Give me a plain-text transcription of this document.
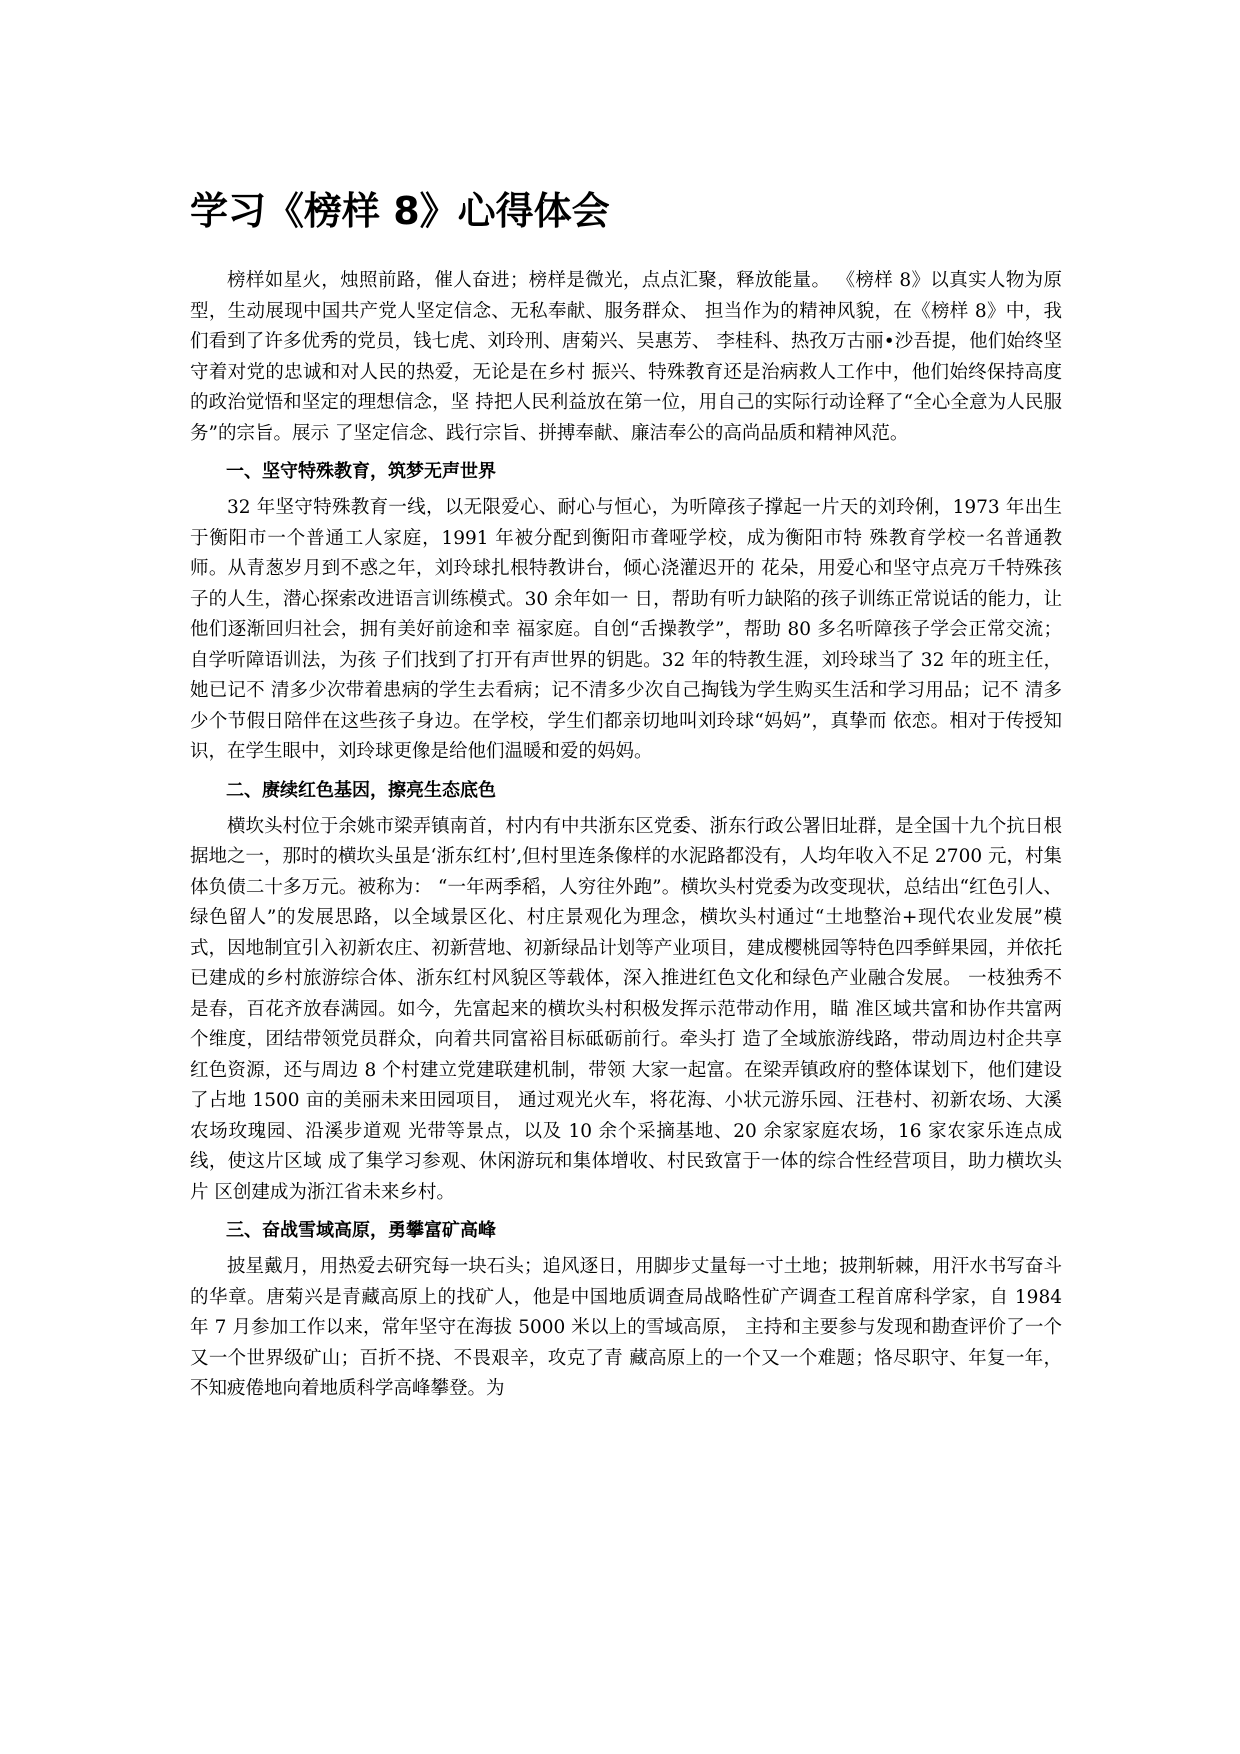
学习《榜样 8》心得体会

榜样如星火，烛照前路，催人奋进；榜样是微光，点点汇聚，释放能量。 《榜样 8》以真实人物为原型，生动展现中国共产党人坚定信念、无私奉献、服务群众、 担当作为的精神风貌，在《榜样 8》中，我们看到了许多优秀的党员，钱七虎、刘玲刑、唐菊兴、吴惠芳、 李桂科、热孜万古丽•沙吾提，他们始终坚守着对党的忠诚和对人民的热爱，无论是在乡村 振兴、特殊教育还是治病救人工作中，他们始终保持高度的政治觉悟和坚定的理想信念，坚 持把人民利益放在第一位，用自己的实际行动诠释了“全心全意为人民服务”的宗旨。展示 了坚定信念、践行宗旨、拼搏奉献、廉洁奉公的高尚品质和精神风范。

一、坚守特殊教育，筑梦无声世界

32 年坚守特殊教育一线，以无限爱心、耐心与恒心，为听障孩子撑起一片天的刘玲俐，1973 年出生于衡阳市一个普通工人家庭，1991 年被分配到衡阳市聋哑学校，成为衡阳市特 殊教育学校一名普通教师。从青葱岁月到不惑之年，刘玲球扎根特教讲台，倾心浇灌迟开的 花朵，用爱心和坚守点亮万千特殊孩子的人生，潜心探索改进语言训练模式。30 余年如一 日，帮助有听力缺陷的孩子训练正常说话的能力，让他们逐渐回归社会，拥有美好前途和幸 福家庭。自创“舌操教学”，帮助 80 多名听障孩子学会正常交流；自学听障语训法，为孩 子们找到了打开有声世界的钥匙。32 年的特教生涯，刘玲球当了 32 年的班主任，她已记不 清多少次带着患病的学生去看病；记不清多少次自己掏钱为学生购买生活和学习用品；记不 清多少个节假日陪伴在这些孩子身边。在学校，学生们都亲切地叫刘玲球“妈妈”，真挚而 依恋。相对于传授知识，在学生眼中，刘玲球更像是给他们温暖和爱的妈妈。

二、赓续红色基因，擦亮生态底色

横坎头村位于余姚市梁弄镇南首，村内有中共浙东区党委、浙东行政公署旧址群，是全国十九个抗日根据地之一，那时的横坎头虽是‘浙东红村’,但村里连条像样的水泥路都没有，人均年收入不足 2700 元，村集体负债二十多万元。被称为： “一年两季稻，人穷往外跑”。横坎头村党委为改变现状，总结出“红色引人、绿色留人”的发展思路，以全域景区化、村庄景观化为理念，横坎头村通过“土地整治+现代农业发展”模式，因地制宜引入初新农庄、初新营地、初新绿品计划等产业项目，建成樱桃园等特色四季鲜果园，并依托已建成的乡村旅游综合体、浙东红村风貌区等载体，深入推进红色文化和绿色产业融合发展。 一枝独秀不是春，百花齐放春满园。如今，先富起来的横坎头村积极发挥示范带动作用，瞄 准区域共富和协作共富两个维度，团结带领党员群众，向着共同富裕目标砥砺前行。牵头打 造了全域旅游线路，带动周边村企共享红色资源，还与周边 8 个村建立党建联建机制，带领 大家一起富。在梁弄镇政府的整体谋划下，他们建设了占地 1500 亩的美丽未来田园项目， 通过观光火车，将花海、小状元游乐园、汪巷村、初新农场、大溪农场玫瑰园、沿溪步道观 光带等景点，以及 10 余个采摘基地、20 余家家庭农场，16 家农家乐连点成线，使这片区域 成了集学习参观、休闲游玩和集体增收、村民致富于一体的综合性经营项目，助力横坎头片 区创建成为浙江省未来乡村。

三、奋战雪域高原，勇攀富矿高峰

披星戴月，用热爱去研究每一块石头；追风逐日，用脚步丈量每一寸土地；披荆斩棘，用汗水书写奋斗的华章。唐菊兴是青藏高原上的找矿人，他是中国地质调查局战略性矿产调查工程首席科学家，自 1984 年 7 月参加工作以来，常年坚守在海拔 5000 米以上的雪域高原， 主持和主要参与发现和勘查评价了一个又一个世界级矿山；百折不挠、不畏艰辛，攻克了青 藏高原上的一个又一个难题；恪尽职守、年复一年，不知疲倦地向着地质科学高峰攀登。为
